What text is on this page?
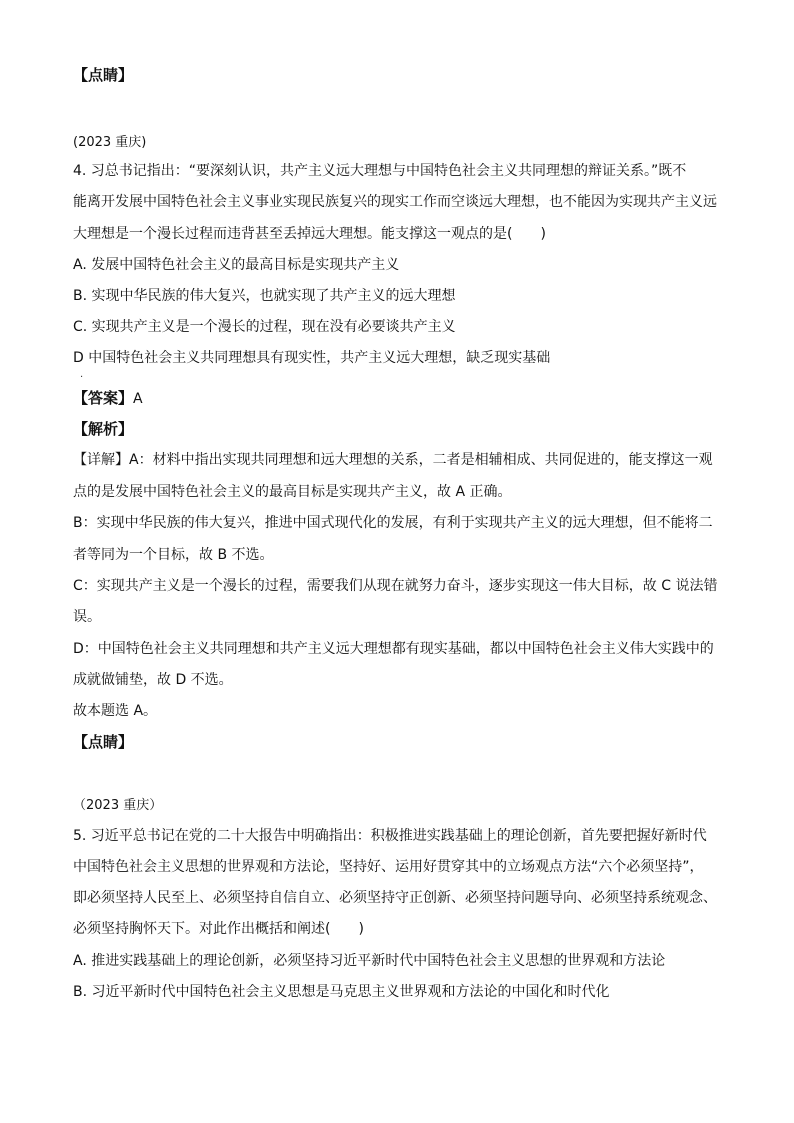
【点睛】
(2023 重庆)
4. 习总书记指出：“要深刻认识，共产主义远大理想与中国特色社会主义共同理想的辩证关系。”既不
能离开发展中国特色社会主义事业实现民族复兴的现实工作而空谈远大理想，也不能因为实现共产主义远
大理想是一个漫长过程而违背甚至丢掉远大理想。能支撑这一观点的是(　　)
A. 发展中国特色社会主义的最高目标是实现共产主义
B. 实现中华民族的伟大复兴，也就实现了共产主义的远大理想
C. 实现共产主义是一个漫长的过程，现在没有必要谈共产主义
D 中国特色社会主义共同理想具有现实性，共产主义远大理想，缺乏现实基础
.
【答案】A
【解析】
【详解】A：材料中指出实现共同理想和远大理想的关系，二者是相辅相成、共同促进的，能支撑这一观
点的是发展中国特色社会主义的最高目标是实现共产主义，故 A 正确。
B：实现中华民族的伟大复兴，推进中国式现代化的发展，有利于实现共产主义的远大理想，但不能将二
者等同为一个目标，故 B 不选。
C：实现共产主义是一个漫长的过程，需要我们从现在就努力奋斗，逐步实现这一伟大目标，故 C 说法错
误。
D：中国特色社会主义共同理想和共产主义远大理想都有现实基础，都以中国特色社会主义伟大实践中的
成就做铺垫，故 D 不选。
故本题选 A。
【点睛】
（2023 重庆）
5. 习近平总书记在党的二十大报告中明确指出：积极推进实践基础上的理论创新，首先要把握好新时代
中国特色社会主义思想的世界观和方法论，坚持好、运用好贯穿其中的立场观点方法“六个必须坚持”，
即必须坚持人民至上、必须坚持自信自立、必须坚持守正创新、必须坚持问题导向、必须坚持系统观念、
必须坚持胸怀天下。对此作出概括和阐述(　　)
A. 推进实践基础上的理论创新，必须坚持习近平新时代中国特色社会主义思想的世界观和方法论
B. 习近平新时代中国特色社会主义思想是马克思主义世界观和方法论的中国化和时代化
